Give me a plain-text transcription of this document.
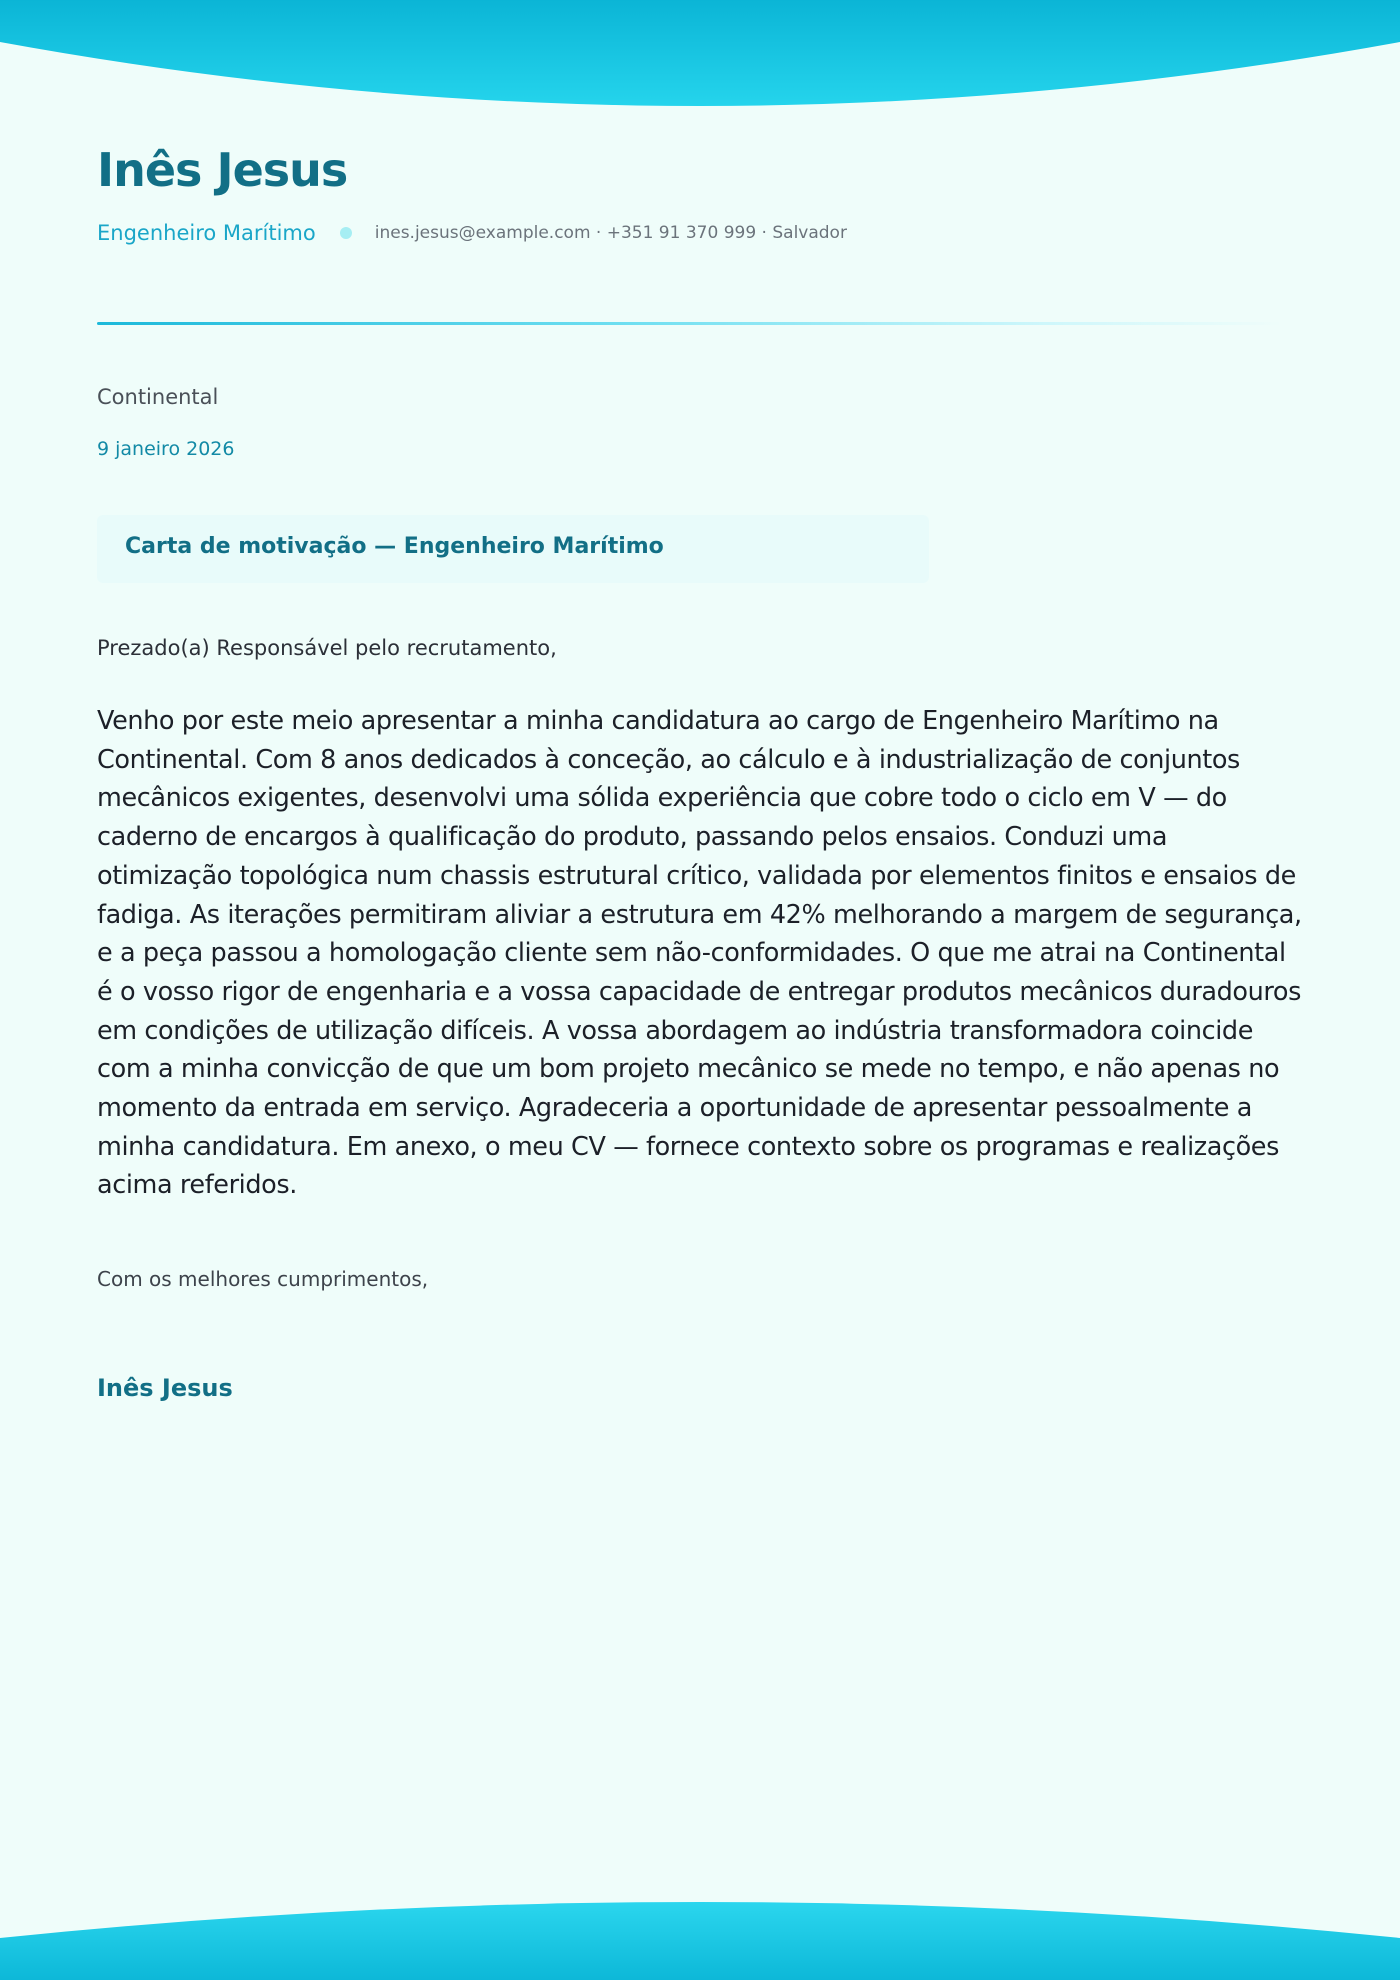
Inês Jesus
Engenheiro Marítimo	ines.jesus@example.com · +351 91 370 999 · Salvador
Continental
9 janeiro 2026
Carta de motivação — Engenheiro Marítimo
Prezado(a) Responsável pelo recrutamento,

Venho por este meio apresentar a minha candidatura ao cargo de Engenheiro Marítimo na Continental. Com 8 anos dedicados à conceção, ao cálculo e à industrialização de conjuntos mecânicos exigentes, desenvolvi uma sólida experiência que cobre todo o ciclo em V — do caderno de encargos à qualificação do produto, passando pelos ensaios. Conduzi uma otimização topológica num chassis estrutural crítico, validada por elementos finitos e ensaios de fadiga. As iterações permitiram aliviar a estrutura em 42% melhorando a margem de segurança, e a peça passou a homologação cliente sem não-conformidades. O que me atrai na Continental é o vosso rigor de engenharia e a vossa capacidade de entregar produtos mecânicos duradouros em condições de utilização difíceis. A vossa abordagem ao indústria transformadora coincide com a minha convicção de que um bom projeto mecânico se mede no tempo, e não apenas no momento da entrada em serviço. Agradeceria a oportunidade de apresentar pessoalmente a minha candidatura. Em anexo, o meu CV — fornece contexto sobre os programas e realizações acima referidos.

Com os melhores cumprimentos,
Inês Jesus
